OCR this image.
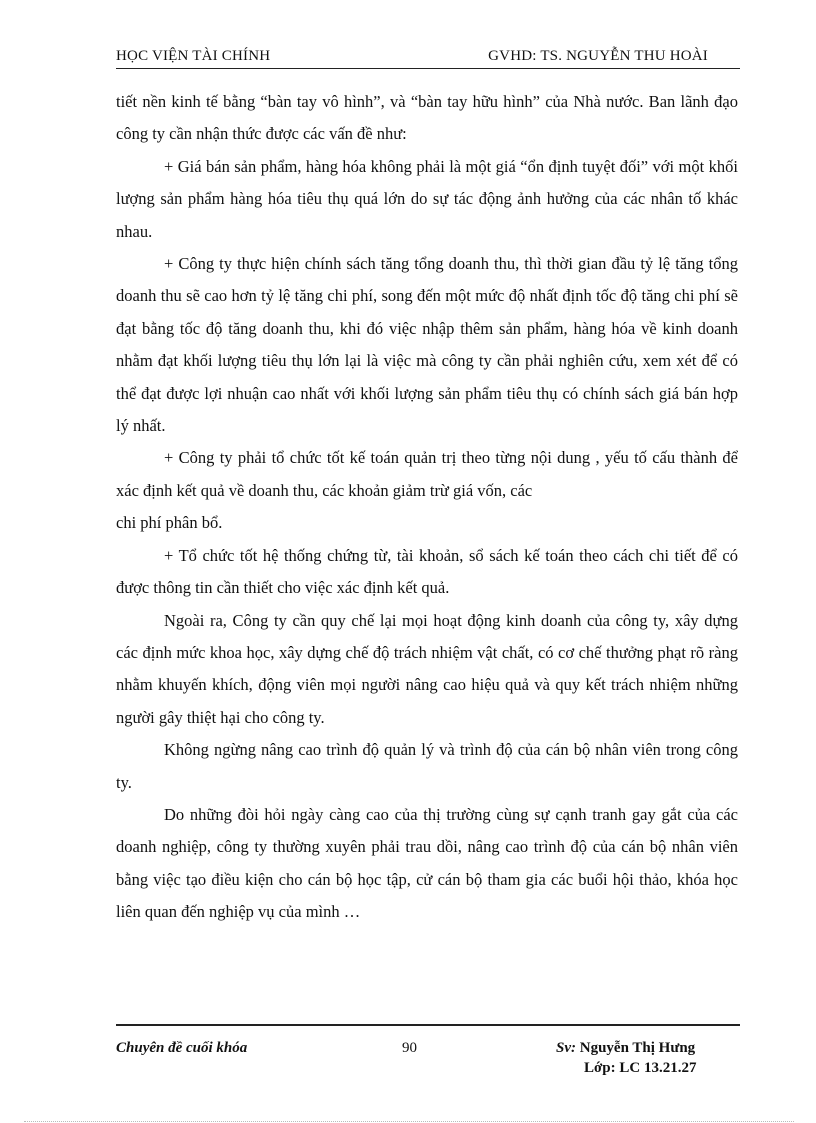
HỌC VIỆN TÀI CHÍNH	GVHD: TS. NGUYỄN THU HOÀI

tiết nền kinh tế bằng “bàn tay vô hình”, và “bàn tay hữu hình” của Nhà nước. Ban lãnh đạo công ty cần nhận thức được các vấn đề như:

+ Giá bán sản phẩm, hàng hóa không phải là một giá “ổn định tuyệt đối” với một khối lượng sản phẩm hàng hóa tiêu thụ quá lớn do sự tác động ảnh hưởng của các nhân tố khác nhau.

+ Công ty thực hiện chính sách tăng tổng doanh thu, thì thời gian đầu tỷ lệ tăng tổng doanh thu sẽ cao hơn tỷ lệ tăng chi phí, song đến một mức độ nhất định tốc độ tăng chi phí sẽ đạt bằng tốc độ tăng doanh thu, khi đó việc nhập thêm sản phẩm, hàng hóa về kinh doanh nhằm đạt khối lượng tiêu thụ lớn lại là việc mà công ty cần phải nghiên cứu, xem xét để có thể đạt được lợi nhuận cao nhất với khối lượng sản phẩm tiêu thụ có chính sách giá bán hợp lý nhất.

+ Công ty phải tổ chức tốt kế toán quản trị theo từng nội dung , yếu tố cấu thành để xác định kết quả về doanh thu, các khoản giảm trừ giá vốn, các

chi phí phân bổ.

+ Tổ chức tốt hệ thống chứng từ, tài khoản, sổ sách kế toán theo cách chi tiết để có được thông tin cần thiết cho việc xác định kết quả.

Ngoài ra, Công ty cần quy chế lại mọi hoạt động kinh doanh của công ty, xây dựng các định mức khoa học, xây dựng chế độ trách nhiệm vật chất, có cơ chế thưởng phạt rõ ràng nhằm khuyến khích, động viên mọi người nâng cao hiệu quả và quy kết trách nhiệm những người gây thiệt hại cho công ty.

Không ngừng nâng cao trình độ quản lý và trình độ của cán bộ nhân viên trong công ty.

Do những đòi hỏi ngày càng cao của thị trường cùng sự cạnh tranh gay gắt của các doanh nghiệp, công ty thường xuyên phải trau dồi, nâng cao trình độ của cán bộ nhân viên bằng việc tạo điều kiện cho cán bộ học tập, cử cán bộ tham gia các buổi hội thảo, khóa học liên quan đến nghiệp vụ của mình …

Chuyên đề cuối khóa	90	Sv: Nguyễn Thị Hưng
Lớp: LC 13.21.27
